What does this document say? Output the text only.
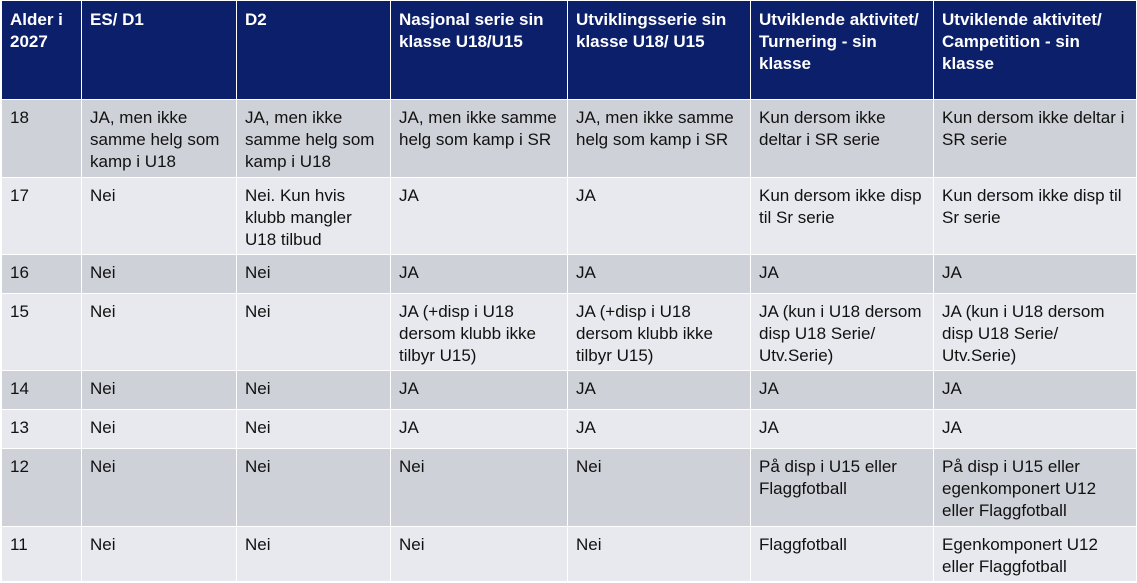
Alder i 2027	ES/ D1	D2	Nasjonal serie sin klasse U18/U15	Utviklingsserie sin klasse U18/ U15	Utviklende aktivitet/ Turnering - sin klasse	Utviklende aktivitet/ Campetition - sin klasse
18	JA, men ikke samme helg som kamp i U18	JA, men ikke samme helg som kamp i U18	JA, men ikke samme helg som kamp i SR	JA, men ikke samme helg som kamp i SR	Kun dersom ikke deltar i SR serie	Kun dersom ikke deltar i SR serie
17	Nei	Nei. Kun hvis klubb mangler U18 tilbud	JA	JA	Kun dersom ikke disp til Sr serie	Kun dersom ikke disp til Sr serie
16	Nei	Nei	JA	JA	JA	JA
15	Nei	Nei	JA (+disp i U18 dersom klubb ikke tilbyr U15)	JA (+disp i U18 dersom klubb ikke tilbyr U15)	JA (kun i U18 dersom disp U18 Serie/ Utv.Serie)	JA (kun i U18 dersom disp U18 Serie/ Utv.Serie)
14	Nei	Nei	JA	JA	JA	JA
13	Nei	Nei	JA	JA	JA	JA
12	Nei	Nei	Nei	Nei	På disp i U15 eller Flaggfotball	På disp i U15 eller egenkomponert U12 eller Flaggfotball
11	Nei	Nei	Nei	Nei	Flaggfotball	Egenkomponert U12 eller Flaggfotball
